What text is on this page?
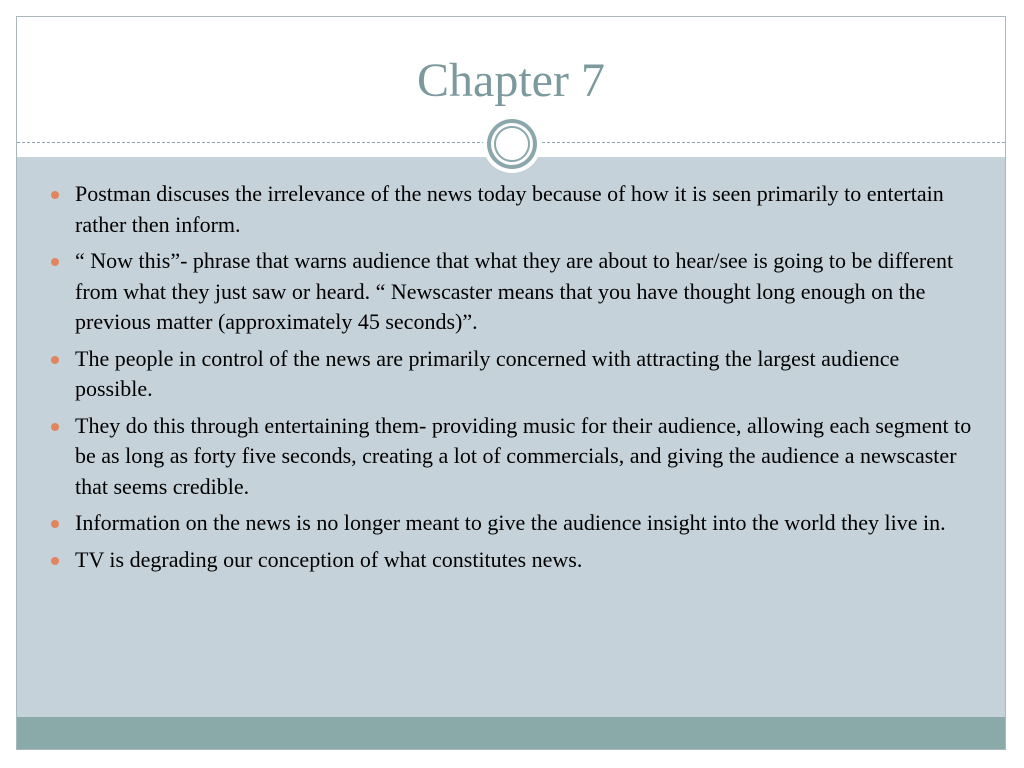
Chapter 7
Postman discuses the irrelevance of the news today because of how it is seen primarily to entertain rather then inform.
“ Now this”- phrase that warns audience that what they are about to hear/see is going to be different from what they just saw or heard. “ Newscaster means that you have thought long enough on the previous matter (approximately 45 seconds)”.
The people in control of the news are primarily concerned with attracting the largest audience possible.
They do this through entertaining them- providing music for their audience, allowing each segment to be as long as forty five seconds, creating a lot of commercials, and giving the audience a newscaster that seems credible.
Information on the news is no longer meant to give the audience insight into the world they live in.
TV is degrading our conception of what constitutes news.
